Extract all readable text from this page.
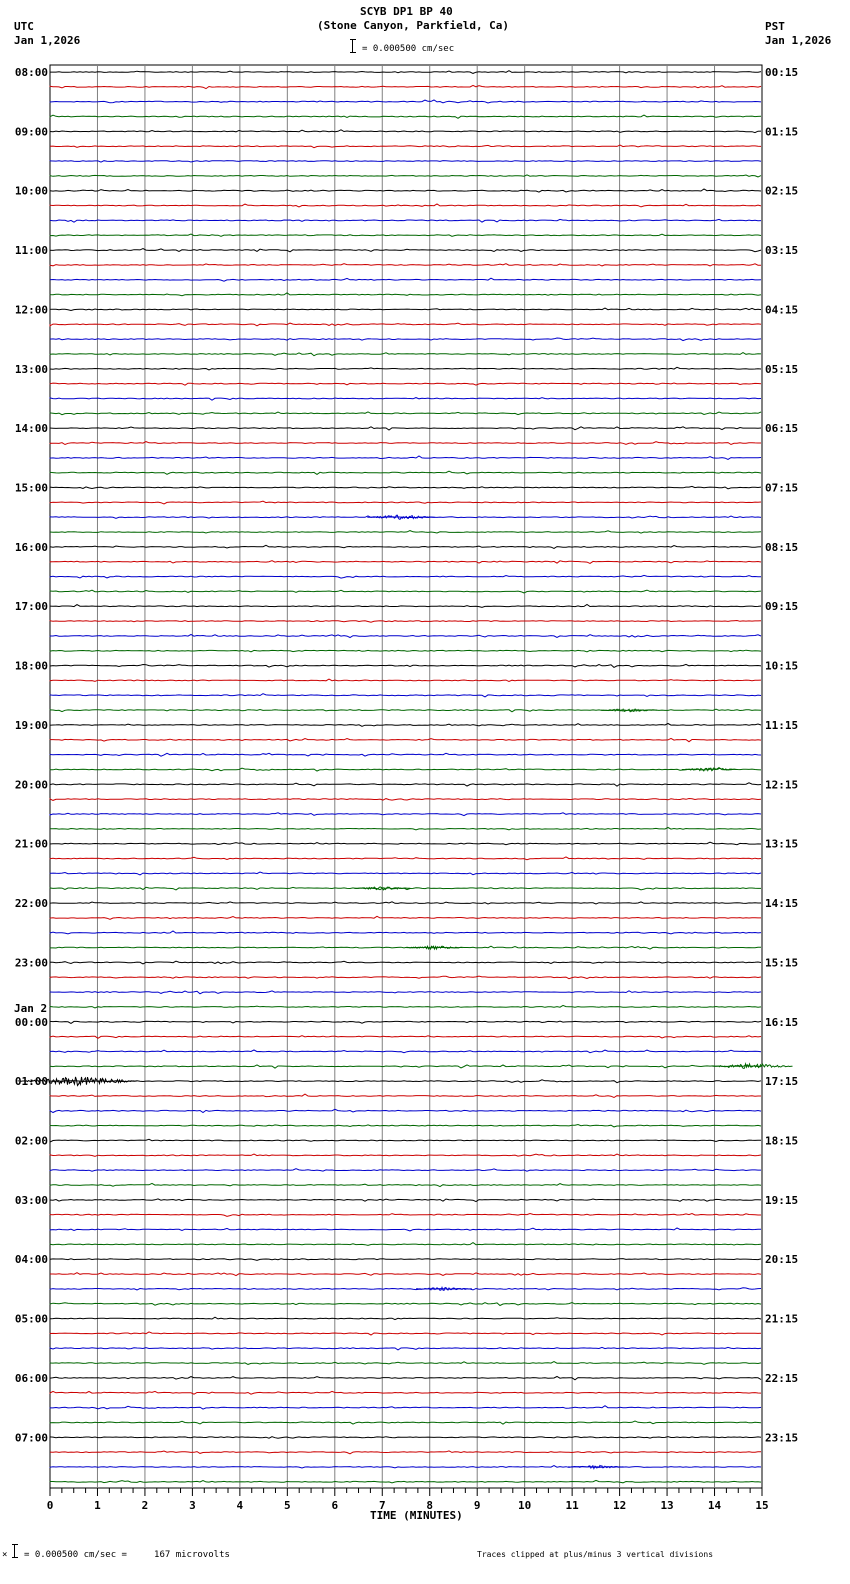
SCYB DP1 BP 40
(Stone Canyon, Parkfield, Ca)
UTC
Jan 1,2026
PST
Jan 1,2026
= 0.000500 cm/sec
08:00
09:00
10:00
11:00
12:00
13:00
14:00
15:00
16:00
17:00
18:00
19:00
20:00
21:00
22:00
23:00
00:00
01:00
02:00
03:00
04:00
05:00
06:00
07:00
Jan 2
00:15
01:15
02:15
03:15
04:15
05:15
06:15
07:15
08:15
09:15
10:15
11:15
12:15
13:15
14:15
15:15
16:15
17:15
18:15
19:15
20:15
21:15
22:15
23:15
0	1	2	3	4	5	6	7	8	9	10	11	12	13	14	15
TIME (MINUTES)
× = 0.000500 cm/sec =     167 microvolts	Traces clipped at plus/minus 3 vertical divisions
